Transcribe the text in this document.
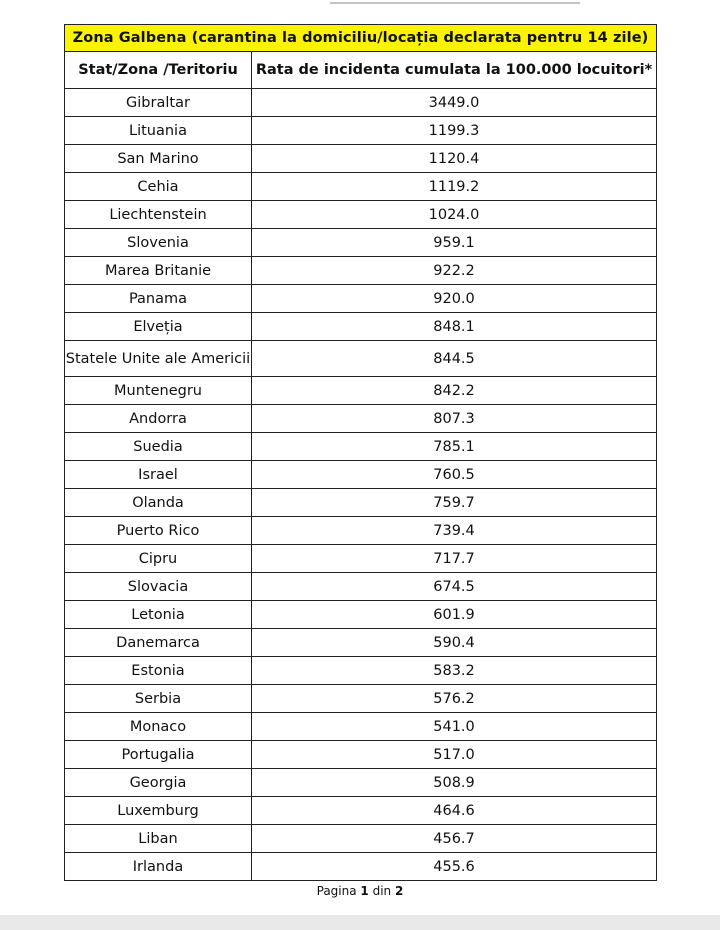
Zona Galbena (carantina la domiciliu/locația declarata pentru 14 zile)	
Stat/Zona /Teritoriu	Rata de incidenta cumulata la 100.000 locuitori*
Gibraltar	3449.0
Lituania	1199.3
San Marino	1120.4
Cehia	1119.2
Liechtenstein	1024.0
Slovenia	959.1
Marea Britanie	922.2
Panama	920.0
Elveția	848.1
Statele Unite ale Americii	844.5
Muntenegru	842.2
Andorra	807.3
Suedia	785.1
Israel	760.5
Olanda	759.7
Puerto Rico	739.4
Cipru	717.7
Slovacia	674.5
Letonia	601.9
Danemarca	590.4
Estonia	583.2
Serbia	576.2
Monaco	541.0
Portugalia	517.0
Georgia	508.9
Luxemburg	464.6
Liban	456.7
Irlanda	455.6
Pagina 1 din 2
